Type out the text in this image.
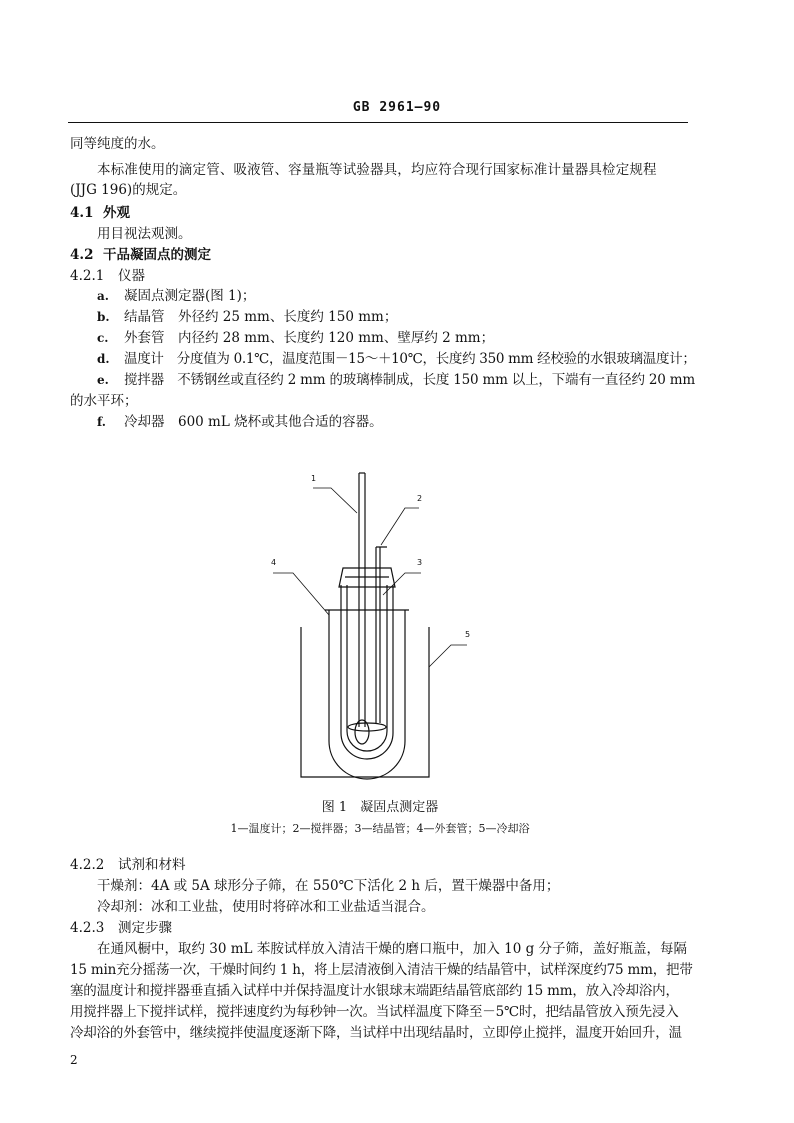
GB 2961—90
同等纯度的水。
本标准使用的滴定管、吸液管、容量瓶等试验器具，均应符合现行国家标准计量器具检定规程
(JJG 196)的规定。
4.1 外观
用目视法观测。
4.2 干品凝固点的测定
4.2.1 仪器
a. 凝固点测定器(图 1)；
b. 结晶管　外径约 25 mm、长度约 150 mm；
c. 外套管　内径约 28 mm、长度约 120 mm、壁厚约 2 mm；
d. 温度计　分度值为 0.1℃，温度范围－15～＋10℃，长度约 350 mm 经校验的水银玻璃温度计；
e. 搅拌器　不锈钢丝或直径约 2 mm 的玻璃棒制成，长度 150 mm 以上，下端有一直径约 20 mm
的水平环；
f. 冷却器　600 mL 烧杯或其他合适的容器。
1
2
3
4
5
图 1　凝固点测定器
1—温度计；2—搅拌器；3—结晶管；4—外套管；5—冷却浴
4.2.2 试剂和材料
干燥剂：4A 或 5A 球形分子筛，在 550℃下活化 2 h 后，置干燥器中备用；
冷却剂：冰和工业盐，使用时将碎冰和工业盐适当混合。
4.2.3 测定步骤
在通风橱中，取约 30 mL 苯胺试样放入清洁干燥的磨口瓶中，加入 10 g 分子筛，盖好瓶盖，每隔
15 min充分摇荡一次，干燥时间约 1 h，将上层清液倒入清洁干燥的结晶管中，试样深度约75 mm，把带
塞的温度计和搅拌器垂直插入试样中并保持温度计水银球末端距结晶管底部约 15 mm，放入冷却浴内，
用搅拌器上下搅拌试样，搅拌速度约为每秒钟一次。当试样温度下降至－5℃时，把结晶管放入预先浸入
冷却浴的外套管中，继续搅拌使温度逐渐下降，当试样中出现结晶时，立即停止搅拌，温度开始回升，温
2
